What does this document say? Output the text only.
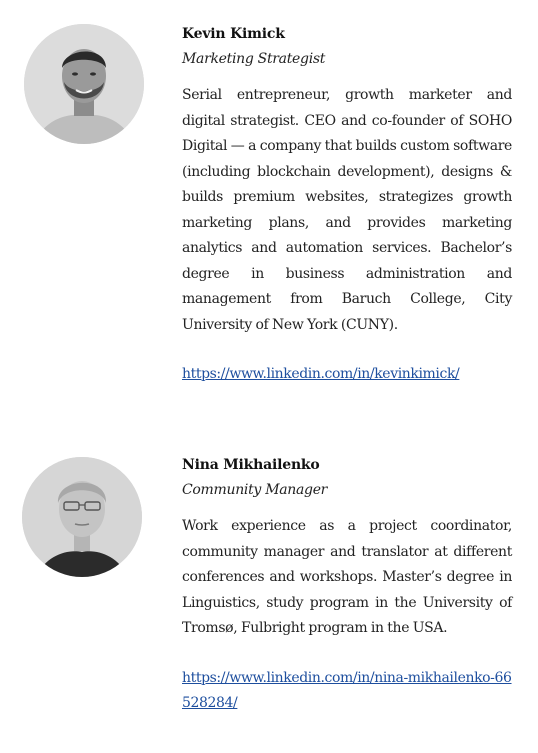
Kevin Kimick

Marketing Strategist

Serial entrepreneur, growth marketer and digital strategist. CEO and co-founder of SOHO Digital — a company that builds custom software (including blockchain development), designs & builds premium websites, strategizes growth marketing plans, and provides marketing analytics and automation services. Bachelor’s degree in business administration and management from Baruch College, City University of New York (CUNY).

https://www.linkedin.com/in/kevinkimick/

Nina Mikhailenko

Community Manager

Work experience as a project coordinator, community manager and translator at different conferences and workshops. Master’s degree in Linguistics, study program in the University of Tromsø, Fulbright program in the USA.

https://www.linkedin.com/in/nina-mikhailenko-66528284/
